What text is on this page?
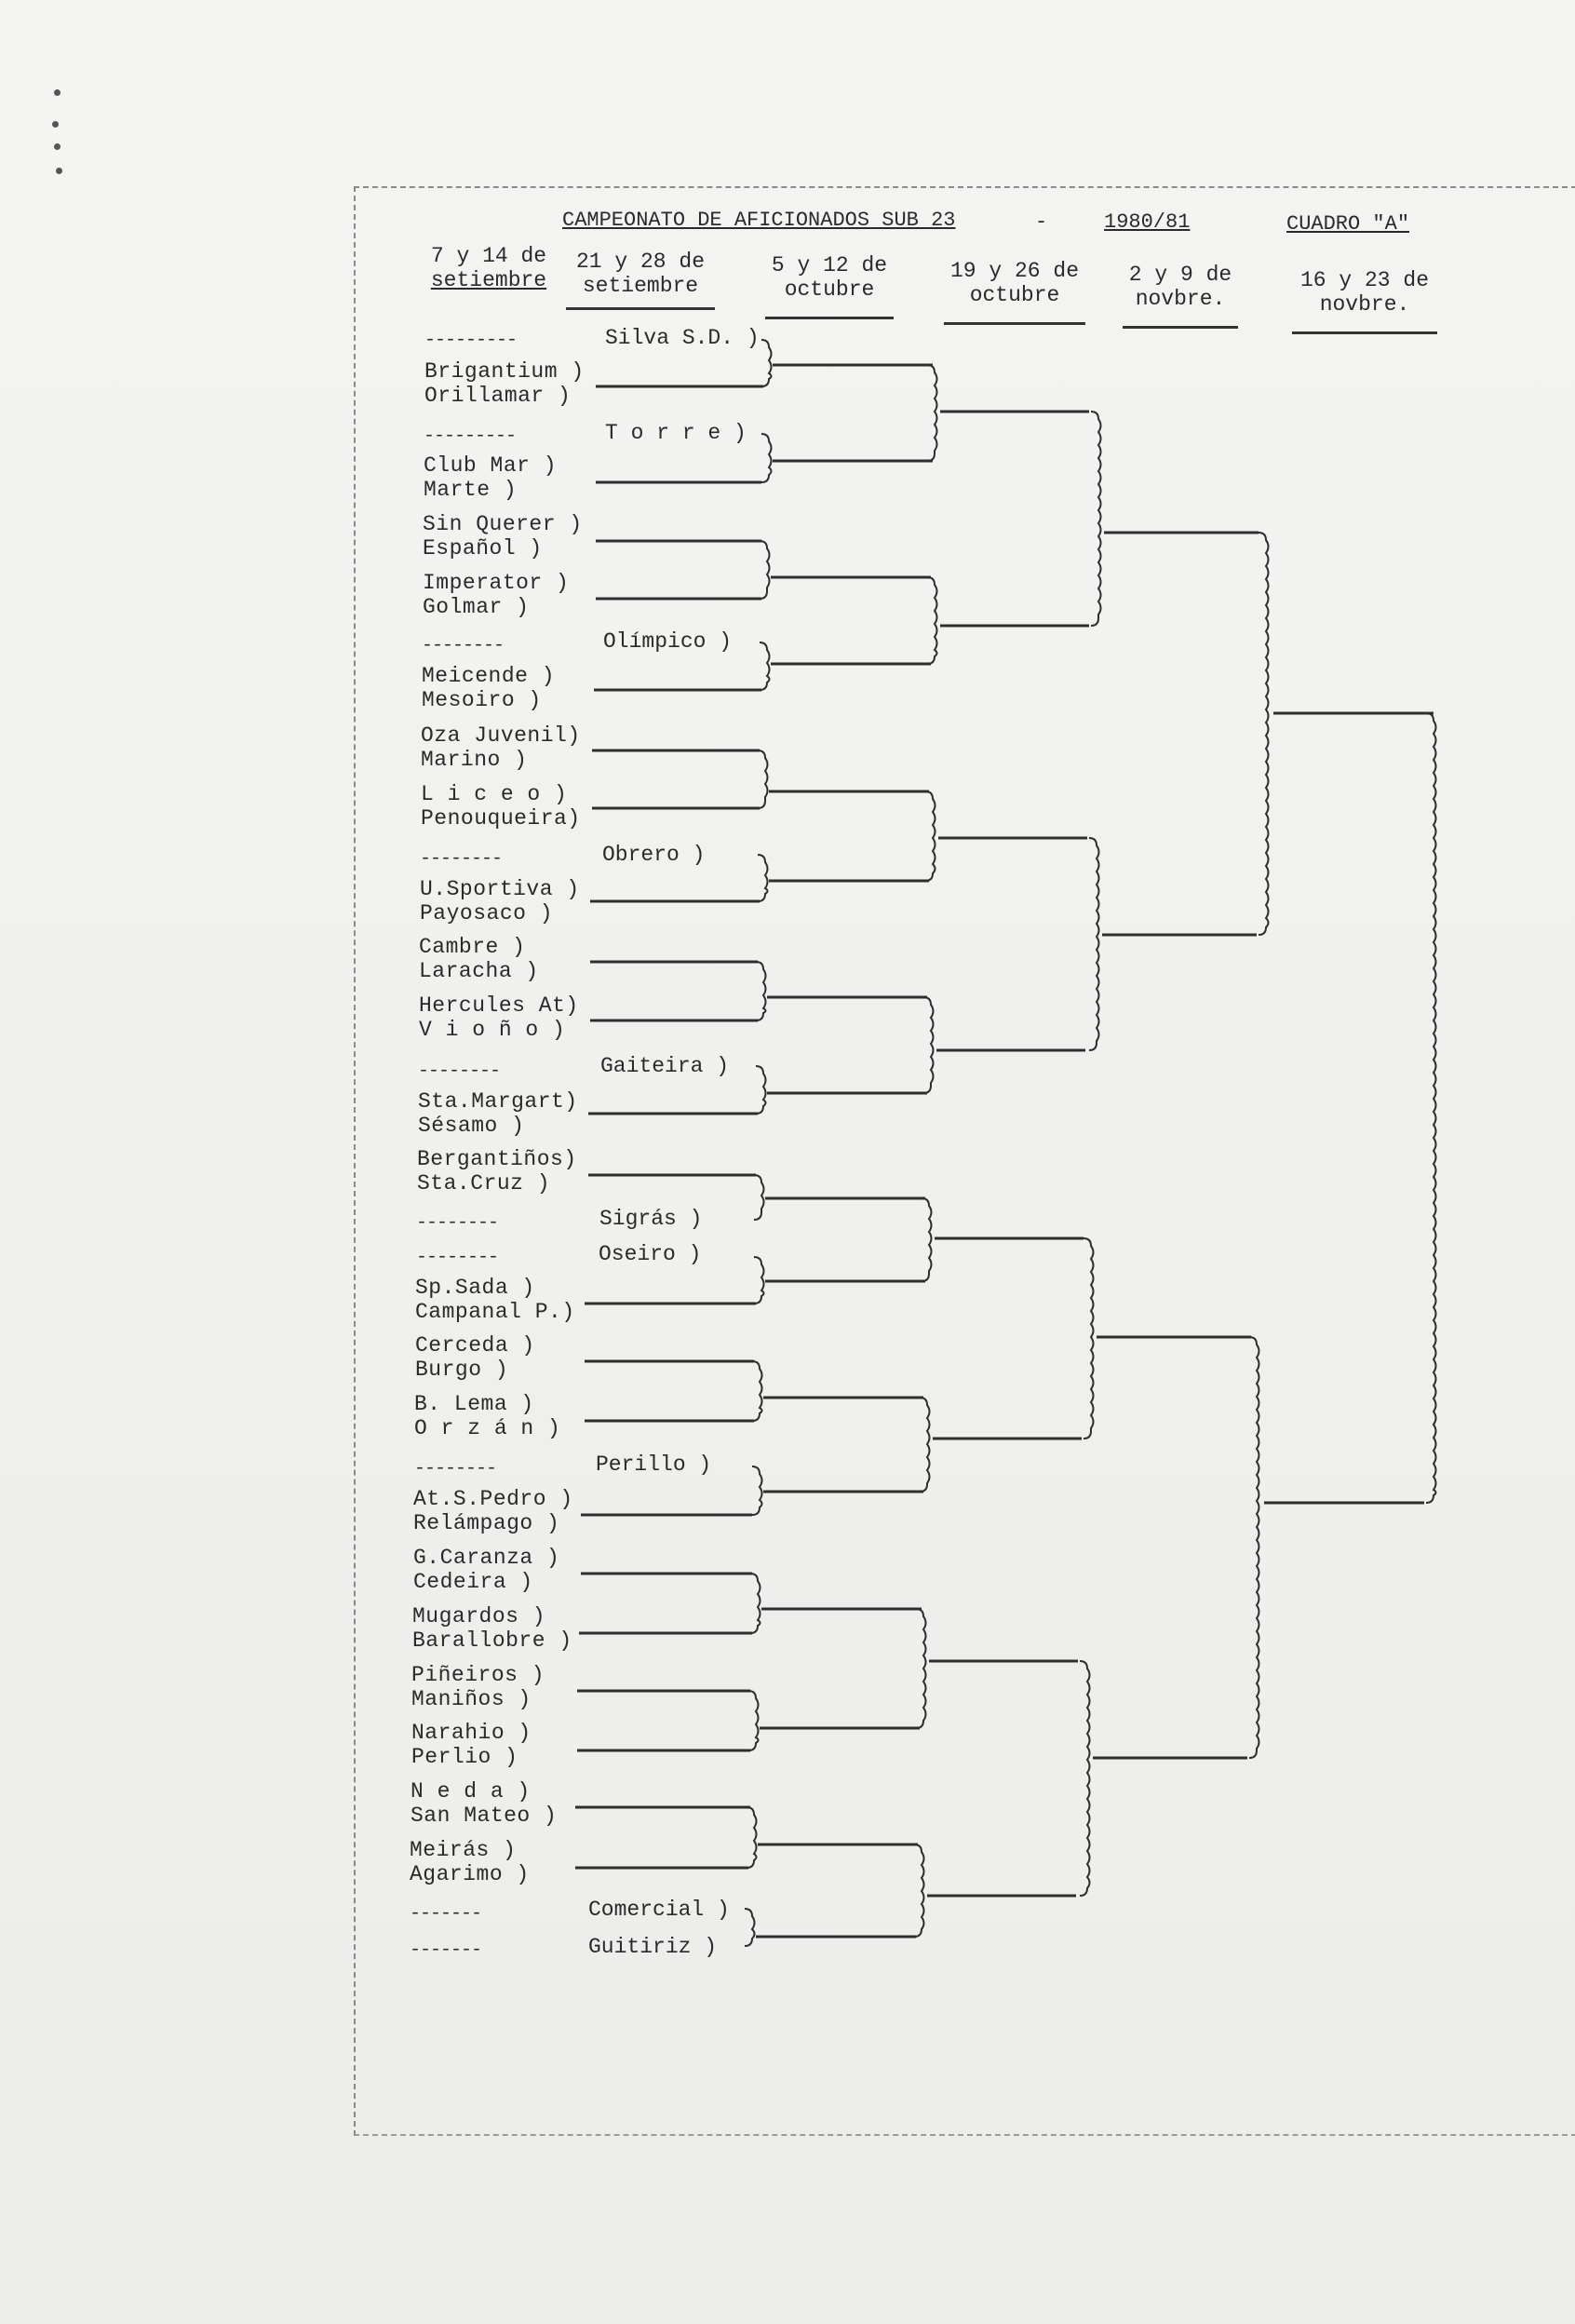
CAMPEONATO DE AFICIONADOS SUB 23	-	1980/81	CUADRO "A"
7 y 14 de
setiembre
21 y 28 de
setiembre
5 y 12 de
octubre
19 y 26 de
octubre
2 y 9 de
novbre.
16 y 23 de
novbre.
Brigantium )
Orillamar )
Club Mar )
Marte )
Sin Querer )
Español )
Imperator )
Golmar )
Meicende )
Mesoiro )
Oza Juvenil)
Marino )
L i c e o )
Penouqueira)
U.Sportiva )
Payosaco )
Cambre )
Laracha )
Hercules At)
V i o ñ o )
Sta.Margart)
Sésamo )
Bergantiños)
Sta.Cruz )
Sp.Sada )
Campanal P.)
Cerceda )
Burgo )
B. Lema )
O r z á n )
At.S.Pedro )
Relámpago )
G.Caranza )
Cedeira )
Mugardos )
Barallobre )
Piñeiros )
Maniños )
Narahio )
Perlio )
N e d a )
San Mateo )
Meirás )
Agarimo )
---------	Silva S.D. )
---------	T o r r e )
--------	Olímpico )
--------	Obrero )
--------	Gaiteira )
--------	Sigrás )
--------	Oseiro )
--------	Perillo )
-------	Comercial )
-------	Guitiriz )
